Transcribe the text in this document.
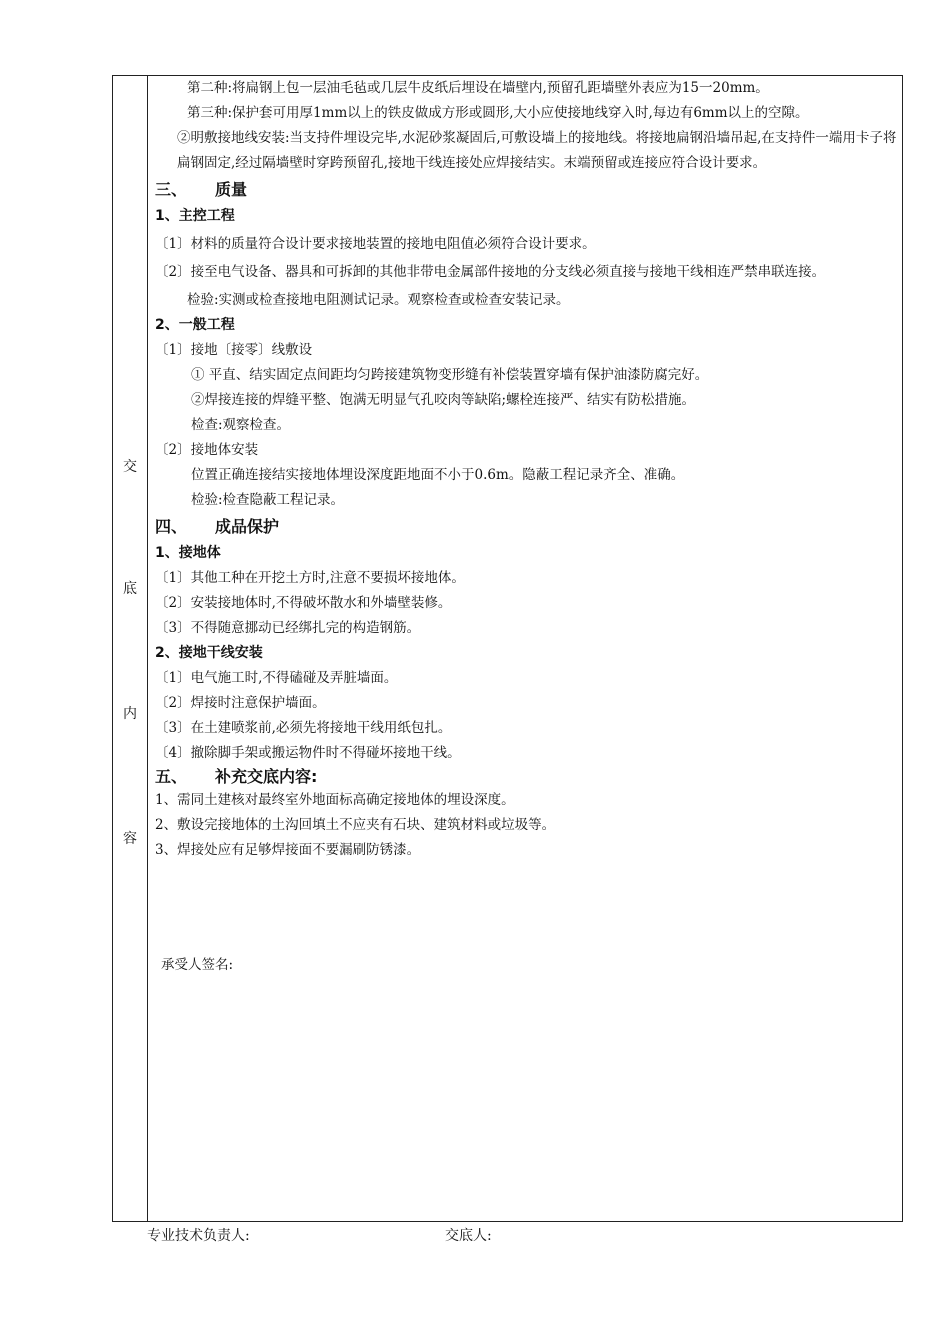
交
底
内
容
第二种:将扁钢上包一层油毛毡或几层牛皮纸后埋设在墙壁内,预留孔距墙壁外表应为15一20mm。
第三种:保护套可用厚1mm以上的铁皮做成方形或圆形,大小应使接地线穿入时,每边有6mm以上的空隙。
②明敷接地线安装:当支持件埋设完毕,水泥砂浆凝固后,可敷设墙上的接地线。将接地扁钢沿墙吊起,在支持件一端用卡子将扁钢固定,经过隔墙壁时穿跨预留孔,接地干线连接处应焊接结实。末端预留或连接应符合设计要求。
三、 质量
1、主控工程
〔1〕材料的质量符合设计要求接地装置的接地电阻值必须符合设计要求。
〔2〕接至电气设备、器具和可拆卸的其他非带电金属部件接地的分支线必须直接与接地干线相连严禁串联连接。
检验:实测或检查接地电阻测试记录。观察检查或检查安装记录。
2、一般工程
〔1〕接地〔接零〕线敷设
① 平直、结实固定点间距均匀跨接建筑物变形缝有补偿装置穿墙有保护油漆防腐完好。
②焊接连接的焊缝平整、饱满无明显气孔咬肉等缺陷;螺栓连接严、结实有防松措施。
检查:观察检查。
〔2〕接地体安装
位置正确连接结实接地体埋设深度距地面不小于0.6m。隐蔽工程记录齐全、准确。
检验:检查隐蔽工程记录。
四、 成品保护
1、接地体
〔1〕其他工种在开挖土方时,注意不要损坏接地体。
〔2〕安装接地体时,不得破坏散水和外墙壁装修。
〔3〕不得随意挪动已经绑扎完的构造钢筋。
2、接地干线安装
〔1〕电气施工时,不得磕碰及弄脏墙面。
〔2〕焊接时注意保护墙面。
〔3〕在土建喷浆前,必须先将接地干线用纸包扎。
〔4〕撤除脚手架或搬运物件时不得碰坏接地干线。
五、 补充交底内容:
1、需同土建核对最终室外地面标高确定接地体的埋设深度。
2、敷设完接地体的土沟回填土不应夹有石块、建筑材料或垃圾等。
3、焊接处应有足够焊接面不要漏刷防锈漆。
承受人签名:
专业技术负责人:	交底人:
